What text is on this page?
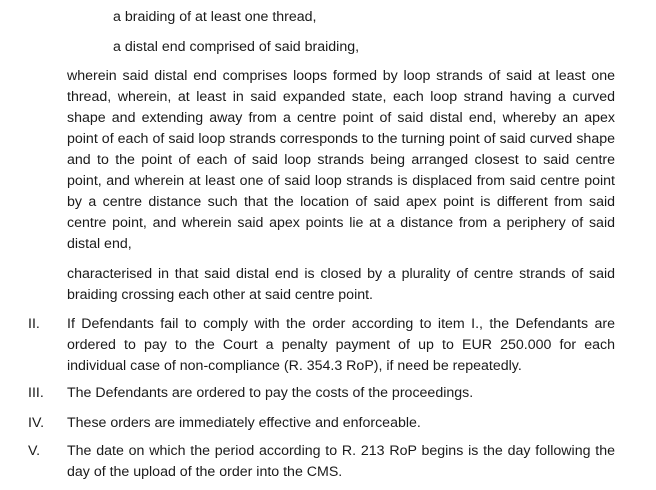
a braiding of at least one thread,
a distal end comprised of said braiding,

wherein said distal end comprises loops formed by loop strands of said at least one thread, wherein, at least in said expanded state, each loop strand having a curved shape and extending away from a centre point of said distal end, whereby an apex point of each of said loop strands corresponds to the turning point of said curved shape and to the point of each of said loop strands being arranged closest to said centre point, and wherein at least one of said loop strands is displaced from said centre point by a centre distance such that the location of said apex point is different from said centre point, and wherein said apex points lie at a distance from a periphery of said distal end,

characterised in that said distal end is closed by a plurality of centre strands of said braiding crossing each other at said centre point.

II. If Defendants fail to comply with the order according to item I., the Defendants are ordered to pay to the Court a penalty payment of up to EUR 250.000 for each individual case of non-compliance (R. 354.3 RoP), if need be repeatedly.

III. The Defendants are ordered to pay the costs of the proceedings.

IV. These orders are immediately effective and enforceable.

V. The date on which the period according to R. 213 RoP begins is the day following the day of the upload of the order into the CMS.
